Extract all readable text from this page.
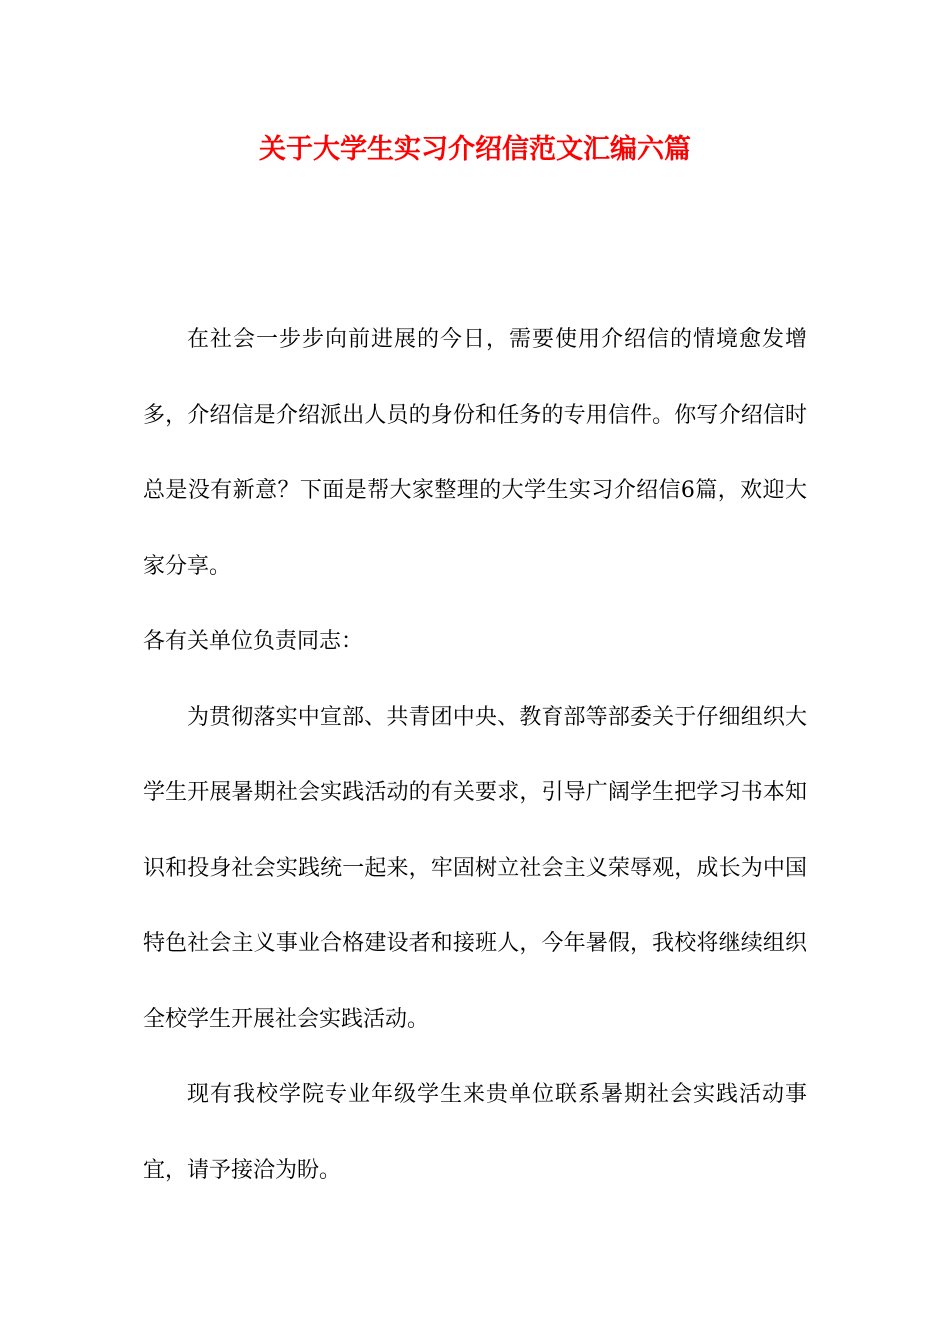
关于大学生实习介绍信范文汇编六篇

在社会一步步向前进展的今日，需要使用介绍信的情境愈发增多，介绍信是介绍派出人员的身份和任务的专用信件。你写介绍信时总是没有新意？下面是帮大家整理的大学生实习介绍信6篇，欢迎大家分享。

各有关单位负责同志：

为贯彻落实中宣部、共青团中央、教育部等部委关于仔细组织大学生开展暑期社会实践活动的有关要求，引导广阔学生把学习书本知识和投身社会实践统一起来，牢固树立社会主义荣辱观，成长为中国特色社会主义事业合格建设者和接班人，今年暑假，我校将继续组织全校学生开展社会实践活动。

现有我校学院专业年级学生来贵单位联系暑期社会实践活动事宜，请予接洽为盼。
